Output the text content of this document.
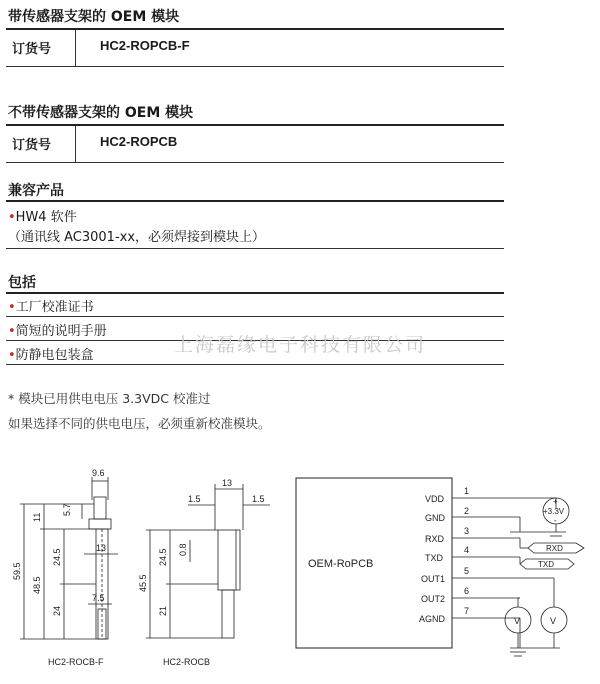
带传感器支架的 OEM 模块
订货号	HC2-ROPCB-F
不带传感器支架的 OEM 模块
订货号	HC2-ROPCB
兼容产品
•HW4 软件
（通讯线 AC3001-xx，必须焊接到模块上）
包括
•工厂校准证书
•简短的说明手册
•防静电包装盒	上海磊缘电子科技有限公司
* 模块已用供电电压 3.3VDC 校准过
如果选择不同的供电电压，必须重新校准模块。
9.6
5.7
11
13
59.5
48.5
24.5
24
7.5
HC2-ROCB-F
13
1.5	1.5
45.5
24.5 0.8
21
HC2-ROCB
OEM-RoPCB
VDD
GND
RXD
TXD
OUT1
OUT2
AGND
1
2
3
4
5
6
7
+3.3V
+
-
RXD
TXD
V	V
